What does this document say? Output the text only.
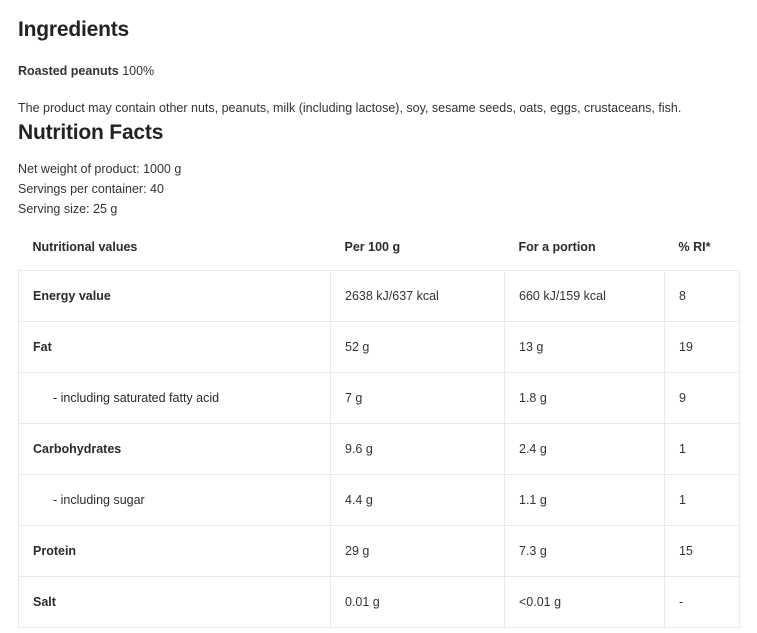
Ingredients
Roasted peanuts 100%
The product may contain other nuts, peanuts, milk (including lactose), soy, sesame seeds, oats, eggs, crustaceans, fish.
Nutrition Facts
Net weight of product: 1000 g
Servings per container: 40
Serving size: 25 g
Nutritional values	Per 100 g	For a portion	% RI*
Energy value	2638 kJ/637 kcal	660 kJ/159 kcal	8
Fat	52 g	13 g	19
- including saturated fatty acid	7 g	1.8 g	9
Carbohydrates	9.6 g	2.4 g	1
- including sugar	4.4 g	1.1 g	1
Protein	29 g	7.3 g	15
Salt	0.01 g	<0.01 g	-
